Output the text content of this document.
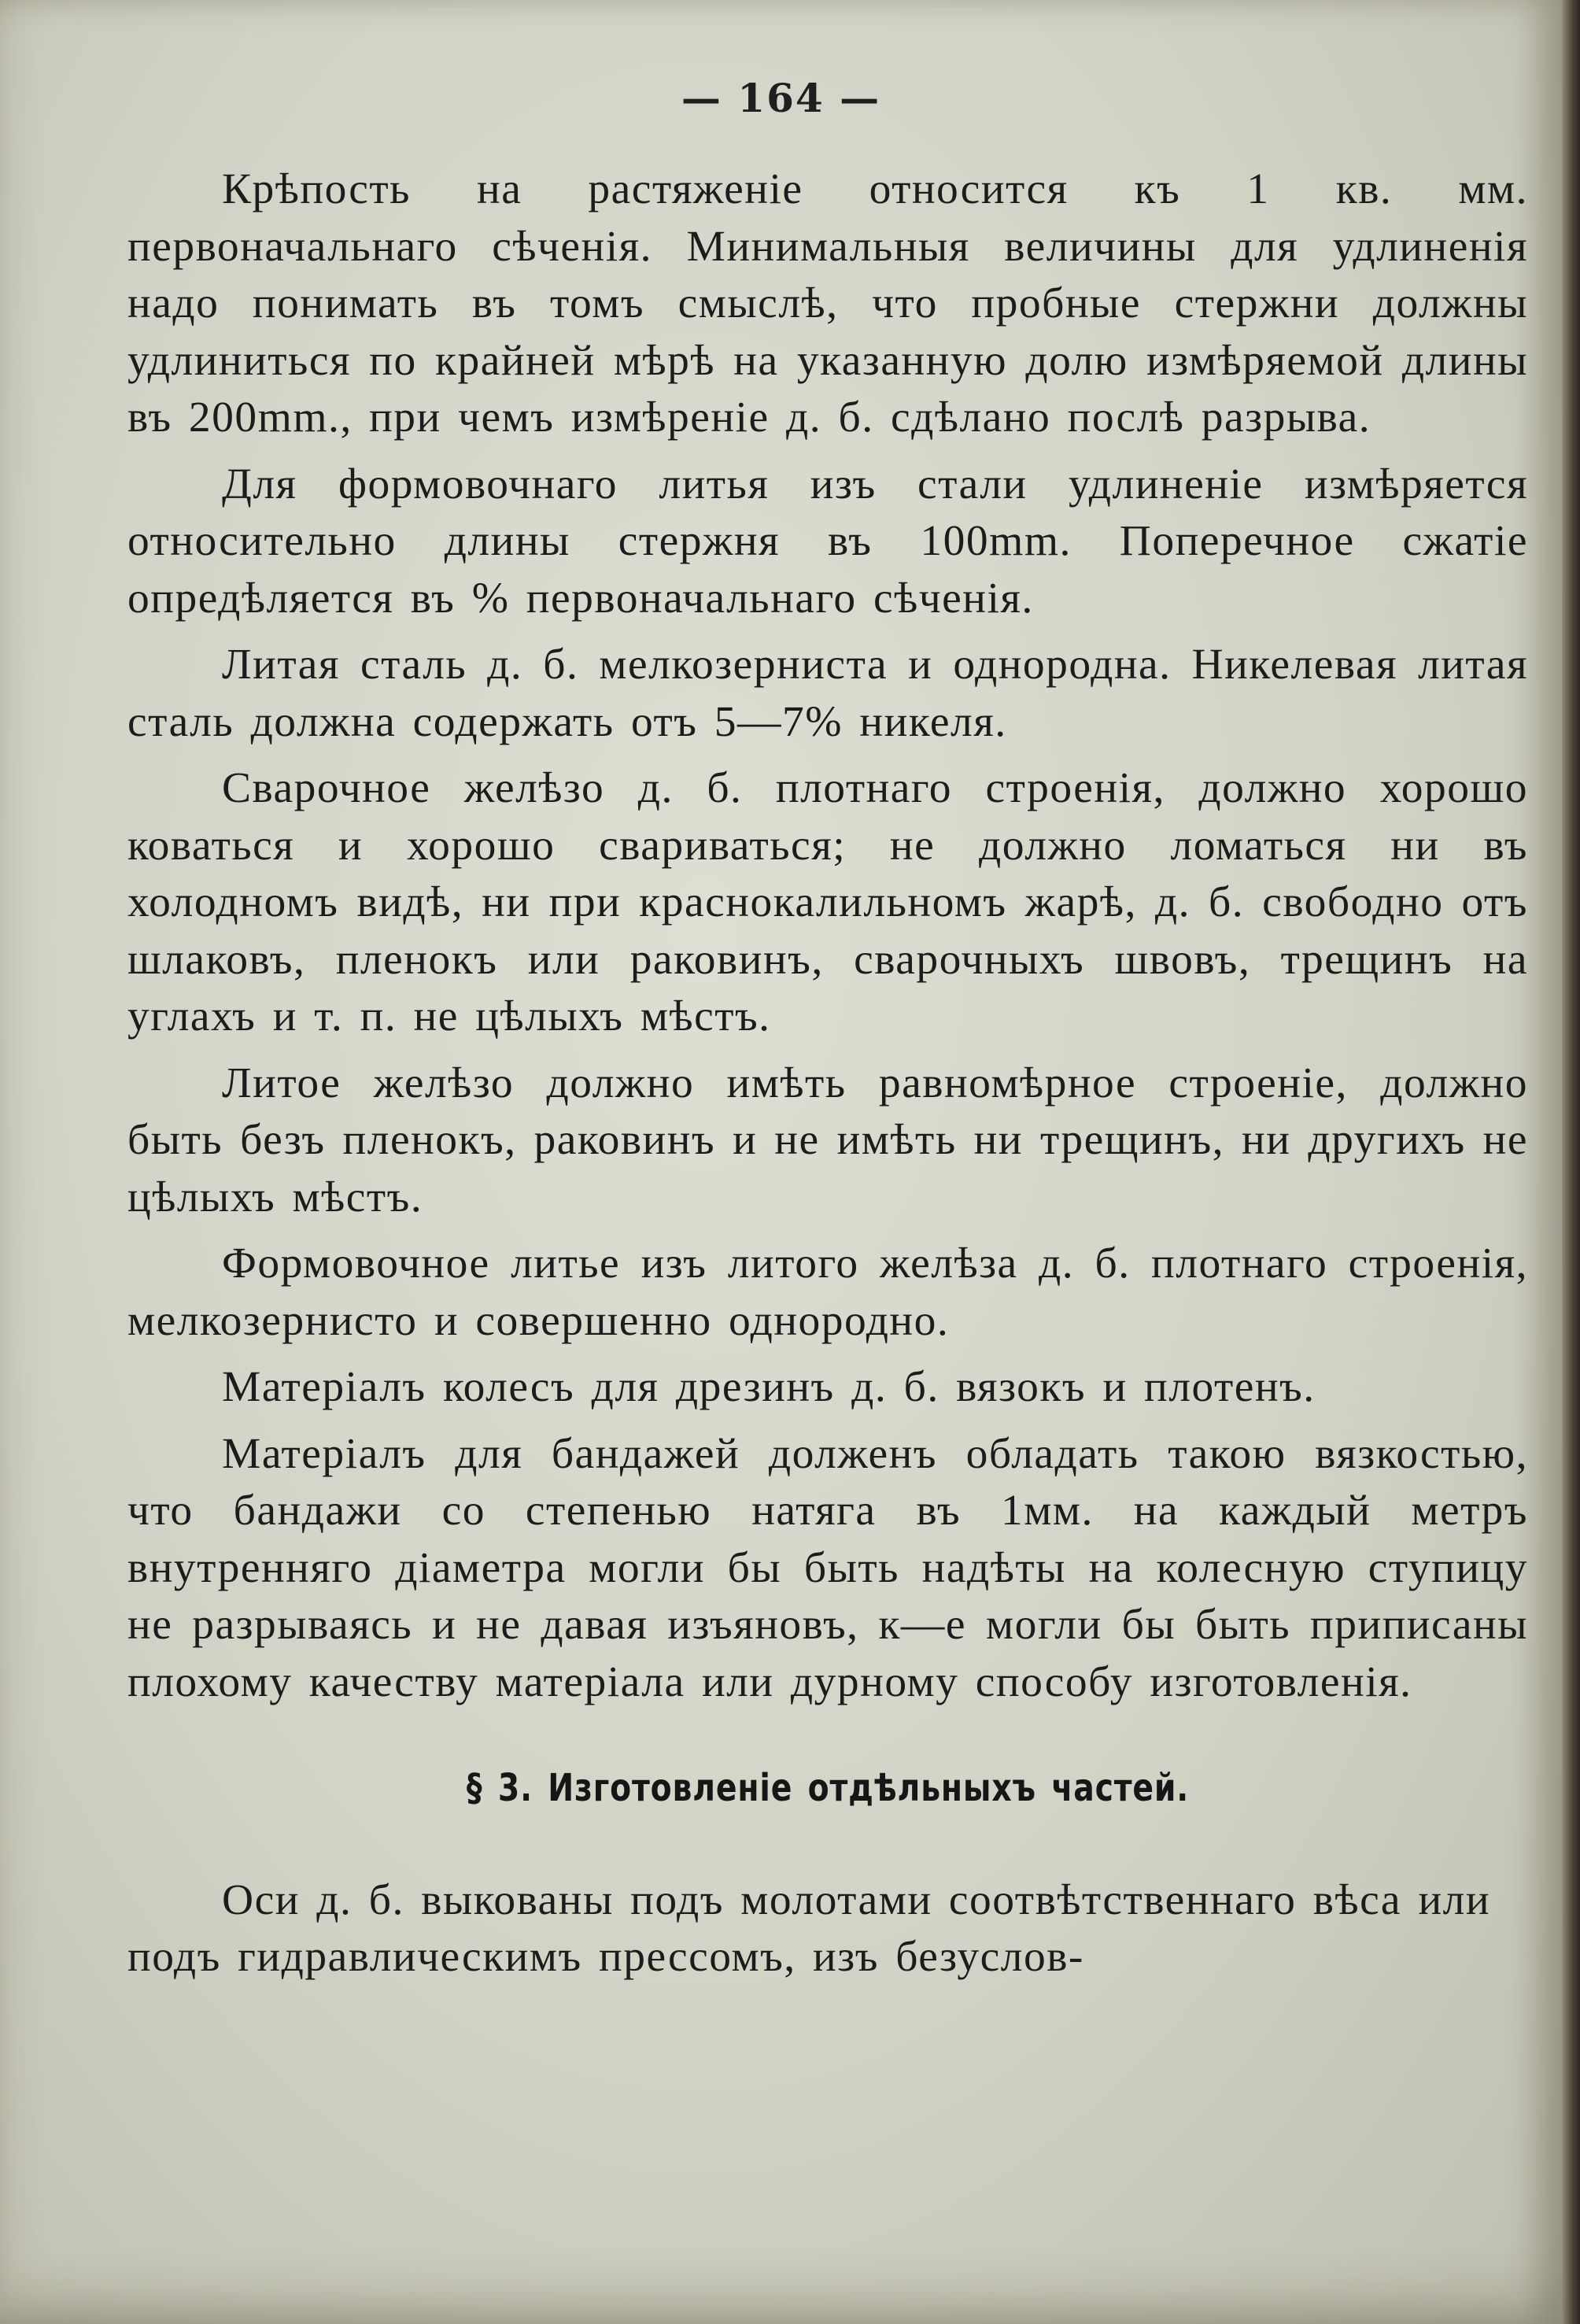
— 164 —

Крѣпость на растяженіе относится къ 1 кв. мм. первоначальнаго сѣченія. Минимальныя величины для удлиненія надо понимать въ томъ смыслѣ, что пробные стержни должны удлиниться по крайней мѣрѣ на указанную долю измѣряемой длины въ 200mm., при чемъ измѣреніе д. б. сдѣлано послѣ разрыва.

Для формовочнаго литья изъ стали удлиненіе измѣряется относительно длины стержня въ 100mm. Поперечное сжатіе опредѣляется въ % первоначальнаго сѣченія.

Литая сталь д. б. мелкозерниста и однородна. Никелевая литая сталь должна содержать отъ 5—7% никеля.

Сварочное желѣзо д. б. плотнаго строенія, должно хорошо коваться и хорошо свариваться; не должно ломаться ни въ холодномъ видѣ, ни при краснокалильномъ жарѣ, д. б. свободно отъ шлаковъ, пленокъ или раковинъ, сварочныхъ швовъ, трещинъ на углахъ и т. п. не цѣлыхъ мѣстъ.

Литое желѣзо должно имѣть равномѣрное строеніе, должно быть безъ пленокъ, раковинъ и не имѣть ни трещинъ, ни другихъ не цѣлыхъ мѣстъ.

Формовочное литье изъ литого желѣза д. б. плотнаго строенія, мелкозернисто и совершенно однородно.

Матеріалъ колесъ для дрезинъ д. б. вязокъ и плотенъ.

Матеріалъ для бандажей долженъ обладать такою вязкостью, что бандажи со степенью натяга въ 1мм. на каждый метръ внутренняго діаметра могли бы быть надѣты на колесную ступицу не разрываясь и не давая изъяновъ, к—е могли бы быть приписаны плохому качеству матеріала или дурному способу изготовленія.

§ 3. Изготовленіе отдѣльныхъ частей.

Оси д. б. выкованы подъ молотами соотвѣтственнаго вѣса или подъ гидравлическимъ прессомъ, изъ безуслов-
